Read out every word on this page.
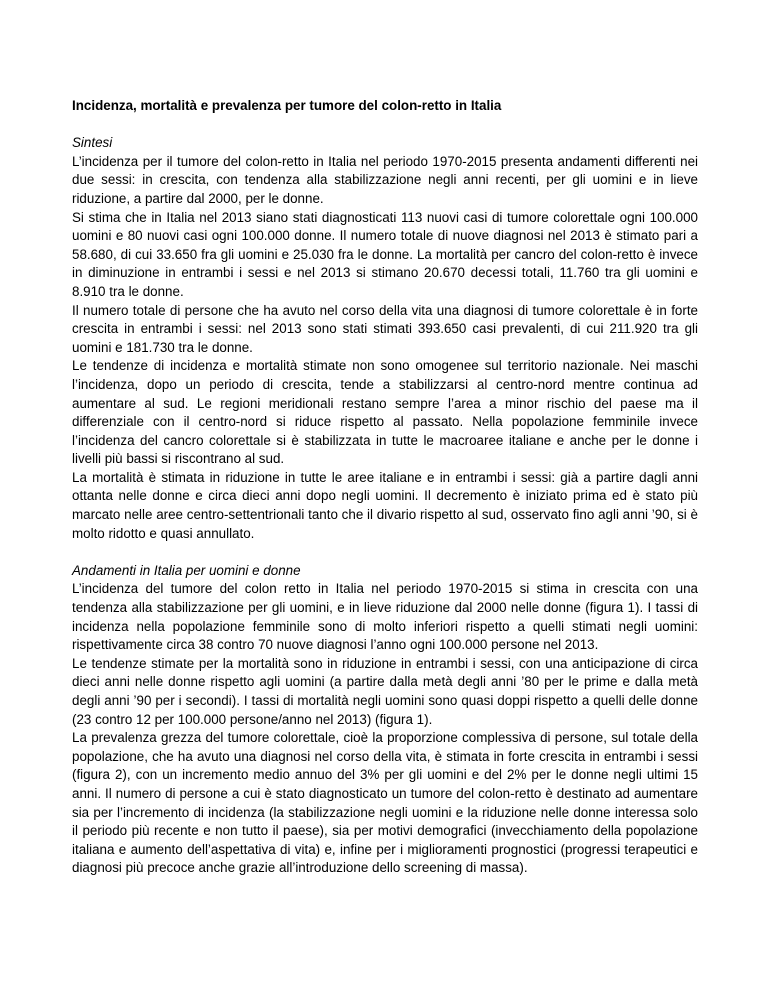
Incidenza, mortalità e prevalenza per tumore del colon-retto in Italia

Sintesi

L’incidenza per il tumore del colon-retto in Italia nel periodo 1970-2015 presenta andamenti differenti nei due sessi: in crescita, con tendenza alla stabilizzazione negli anni recenti, per gli uomini e in lieve riduzione, a partire dal 2000, per le donne.

Si stima che in Italia nel 2013 siano stati diagnosticati 113 nuovi casi di tumore colorettale ogni 100.000 uomini e 80 nuovi casi ogni 100.000 donne. Il numero totale di nuove diagnosi nel 2013 è stimato pari a 58.680, di cui 33.650 fra gli uomini e 25.030 fra le donne. La mortalità per cancro del colon-retto è invece in diminuzione in entrambi i sessi e nel 2013 si stimano 20.670 decessi totali, 11.760 tra gli uomini e 8.910 tra le donne.

Il numero totale di persone che ha avuto nel corso della vita una diagnosi di tumore colorettale è in forte crescita in entrambi i sessi: nel 2013 sono stati stimati 393.650 casi prevalenti, di cui 211.920 tra gli uomini e 181.730 tra le donne.

Le tendenze di incidenza e mortalità stimate non sono omogenee sul territorio nazionale. Nei maschi l’incidenza, dopo un periodo di crescita, tende a stabilizzarsi al centro-nord mentre continua ad aumentare al sud. Le regioni meridionali restano sempre l’area a minor rischio del paese ma il differenziale con il centro-nord si riduce rispetto al passato. Nella popolazione femminile invece l’incidenza del cancro colorettale si è stabilizzata in tutte le macroaree italiane e anche per le donne i livelli più bassi si riscontrano al sud.

La mortalità è stimata in riduzione in tutte le aree italiane e in entrambi i sessi: già a partire dagli anni ottanta nelle donne e circa dieci anni dopo negli uomini. Il decremento è iniziato prima ed è stato più marcato nelle aree centro-settentrionali tanto che il divario rispetto al sud, osservato fino agli anni ’90, si è molto ridotto e quasi annullato.

Andamenti in Italia per uomini e donne

L’incidenza del tumore del colon retto in Italia nel periodo 1970-2015 si stima in crescita con una tendenza alla stabilizzazione per gli uomini, e in lieve riduzione dal 2000 nelle donne (figura 1). I tassi di incidenza nella popolazione femminile sono di molto inferiori rispetto a quelli stimati negli uomini: rispettivamente circa 38 contro 70 nuove diagnosi l’anno ogni 100.000 persone nel 2013.

Le tendenze stimate per la mortalità sono in riduzione in entrambi i sessi, con una anticipazione di circa dieci anni nelle donne rispetto agli uomini (a partire dalla metà degli anni ’80 per le prime e dalla metà degli anni ’90 per i secondi). I tassi di mortalità negli uomini sono quasi doppi rispetto a quelli delle donne (23 contro 12 per 100.000 persone/anno nel 2013) (figura 1).

La prevalenza grezza del tumore colorettale, cioè la proporzione complessiva di persone, sul totale della popolazione, che ha avuto una diagnosi nel corso della vita, è stimata in forte crescita in entrambi i sessi (figura 2), con un incremento medio annuo del 3% per gli uomini e del 2% per le donne negli ultimi 15 anni. Il numero di persone a cui è stato diagnosticato un tumore del colon-retto è destinato ad aumentare sia per l’incremento di incidenza (la stabilizzazione negli uomini e la riduzione nelle donne interessa solo il periodo più recente e non tutto il paese), sia per motivi demografici (invecchiamento della popolazione italiana e aumento dell’aspettativa di vita) e, infine per i miglioramenti prognostici (progressi terapeutici e diagnosi più precoce anche grazie all’introduzione dello screening di massa).
